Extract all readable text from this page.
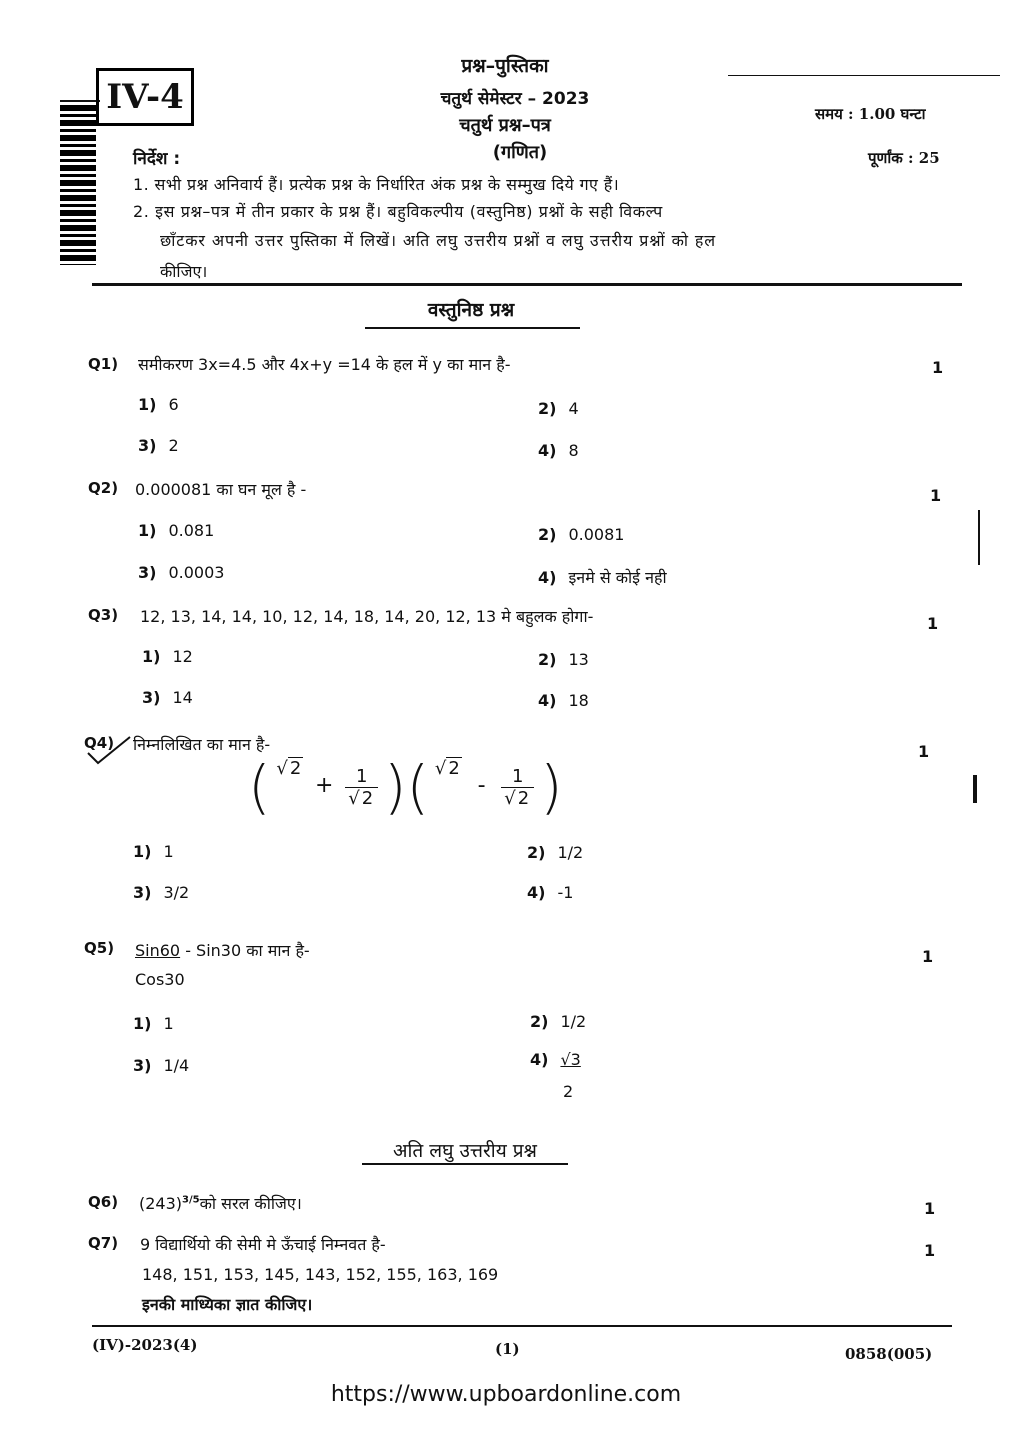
IV-4
प्रश्न–पुस्तिका
चतुर्थ सेमेस्टर – 2023
चतुर्थ प्रश्न–पत्र
(गणित)
समय : 1.00 घन्टा
पूर्णांक : 25
निर्देश :
1. सभी प्रश्न अनिवार्य हैं। प्रत्येक प्रश्न के निर्धारित अंक प्रश्न के सम्मुख दिये गए हैं।
2. इस प्रश्न–पत्र में तीन प्रकार के प्रश्न हैं। बहुविकल्पीय (वस्तुनिष्ठ) प्रश्नों के सही विकल्प
छाँटकर अपनी उत्तर पुस्तिका में लिखें। अति लघु उत्तरीय प्रश्नों व लघु उत्तरीय प्रश्नों को हल
कीजिए।
वस्तुनिष्ठ प्रश्न
Q1) समीकरण 3x=4.5 और 4x+y =14 के हल में y का मान है-	1
1) 6	2) 4
3) 2	4) 8
Q2) 0.000081 का घन मूल है -	1
1) 0.081	2) 0.0081
3) 0.0003	4) इनमे से कोई नही
Q3) 12, 13, 14, 14, 10, 12, 14, 18, 14, 20, 12, 13 मे बहुलक होगा-	1
1) 12	2) 13
3) 14	4) 18
Q4) निम्नलिखित का मान है-	1
( √ $2 + \frac{1}{√ 2}$ )( √ $2 - \frac{1}{√ 2}$ )
1) 1	2) 1/2
3) 3/2	4) -1
Q5) Sin60 - Sin30 का मान है-
Cos30
1
1) 1	2) 1/2
3) 1/4	4) √3
2
अति लघु उत्तरीय प्रश्न
Q6) $(243)^{3/5}को$ सरल कीजिए।	1
Q7) 9 विद्यार्थियो की सेमी मे ऊँचाई निम्नवत है-	1
148, 151, 153, 145, 143, 152, 155, 163, 169
इनकी माध्यिका ज्ञात कीजिए।
(IV)-2023(4)	(1)	0858(005)
https://www.upboardonline.com
